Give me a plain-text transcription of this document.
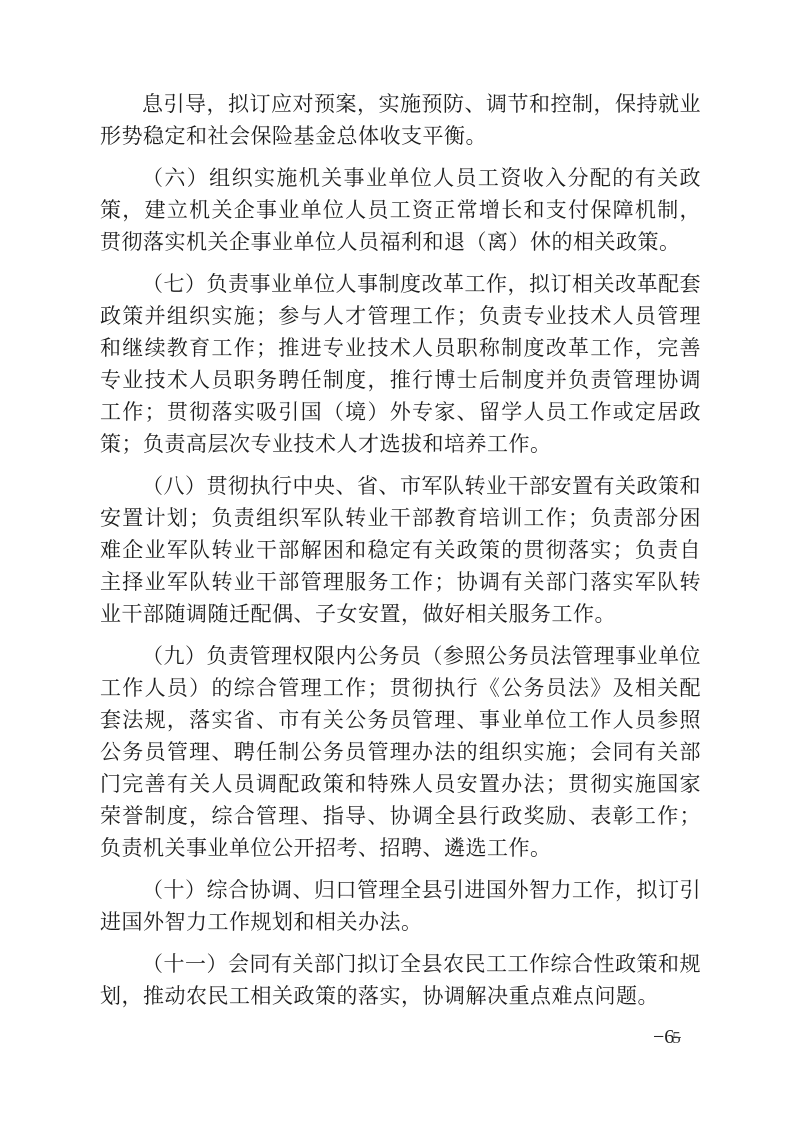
息引导，拟订应对预案，实施预防、调节和控制，保持就业形势稳定和社会保险基金总体收支平衡。

（六）组织实施机关事业单位人员工资收入分配的有关政策，建立机关企事业单位人员工资正常增长和支付保障机制，贯彻落实机关企事业单位人员福利和退（离）休的相关政策。

（七）负责事业单位人事制度改革工作，拟订相关改革配套政策并组织实施；参与人才管理工作；负责专业技术人员管理和继续教育工作；推进专业技术人员职称制度改革工作，完善专业技术人员职务聘任制度，推行博士后制度并负责管理协调工作；贯彻落实吸引国（境）外专家、留学人员工作或定居政策；负责高层次专业技术人才选拔和培养工作。

（八）贯彻执行中央、省、市军队转业干部安置有关政策和安置计划；负责组织军队转业干部教育培训工作；负责部分困难企业军队转业干部解困和稳定有关政策的贯彻落实；负责自主择业军队转业干部管理服务工作；协调有关部门落实军队转业干部随调随迁配偶、子女安置，做好相关服务工作。

（九）负责管理权限内公务员（参照公务员法管理事业单位工作人员）的综合管理工作；贯彻执行《公务员法》及相关配套法规，落实省、市有关公务员管理、事业单位工作人员参照公务员管理、聘任制公务员管理办法的组织实施；会同有关部门完善有关人员调配政策和特殊人员安置办法；贯彻实施国家荣誉制度，综合管理、指导、协调全县行政奖励、表彰工作；负责机关事业单位公开招考、招聘、遴选工作。

（十）综合协调、归口管理全县引进国外智力工作，拟订引进国外智力工作规划和相关办法。

（十一）会同有关部门拟订全县农民工工作综合性政策和规划，推动农民工相关政策的落实，协调解决重点难点问题。

−65
